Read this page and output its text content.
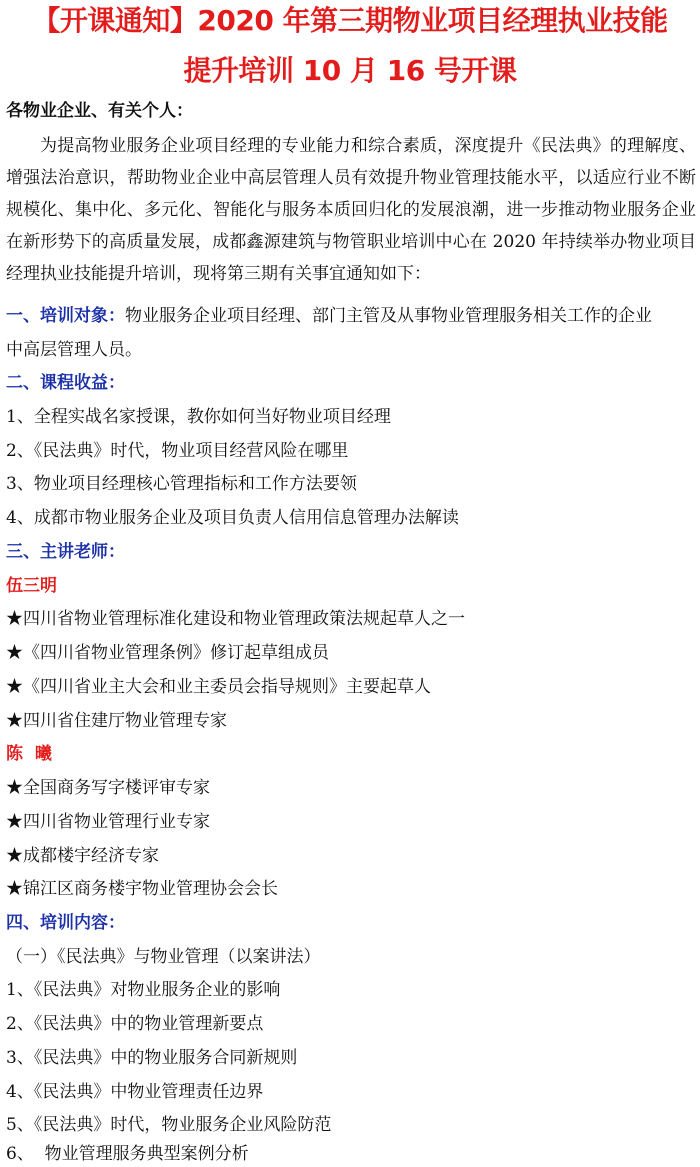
【开课通知】2020 年第三期物业项目经理执业技能
提升培训 10 月 16 号开课
各物业企业、有关个人：

为提高物业服务企业项目经理的专业能力和综合素质，深度提升《民法典》的理解度、增强法治意识，帮助物业企业中高层管理人员有效提升物业管理技能水平，以适应行业不断规模化、集中化、多元化、智能化与服务本质回归化的发展浪潮，进一步推动物业服务企业在新形势下的高质量发展，成都鑫源建筑与物管职业培训中心在 2020 年持续举办物业项目经理执业技能提升培训，现将第三期有关事宜通知如下：

一、培训对象：物业服务企业项目经理、部门主管及从事物业管理服务相关工作的企业
中高层管理人员。
二、课程收益：
1、全程实战名家授课，教你如何当好物业项目经理
2、《民法典》时代，物业项目经营风险在哪里
3、物业项目经理核心管理指标和工作方法要领
4、成都市物业服务企业及项目负责人信用信息管理办法解读
三、主讲老师：
伍三明
★四川省物业管理标准化建设和物业管理政策法规起草人之一
★《四川省物业管理条例》修订起草组成员
★《四川省业主大会和业主委员会指导规则》主要起草人
★四川省住建厅物业管理专家
陈  曦
★全国商务写字楼评审专家
★四川省物业管理行业专家
★成都楼宇经济专家
★锦江区商务楼宇物业管理协会会长
四、培训内容：
（一）《民法典》与物业管理（以案讲法）
1、《民法典》对物业服务企业的影响
2、《民法典》中的物业管理新要点
3、《民法典》中的物业服务合同新规则
4、《民法典》中物业管理责任边界
5、《民法典》时代，物业服务企业风险防范
6、  物业管理服务典型案例分析
